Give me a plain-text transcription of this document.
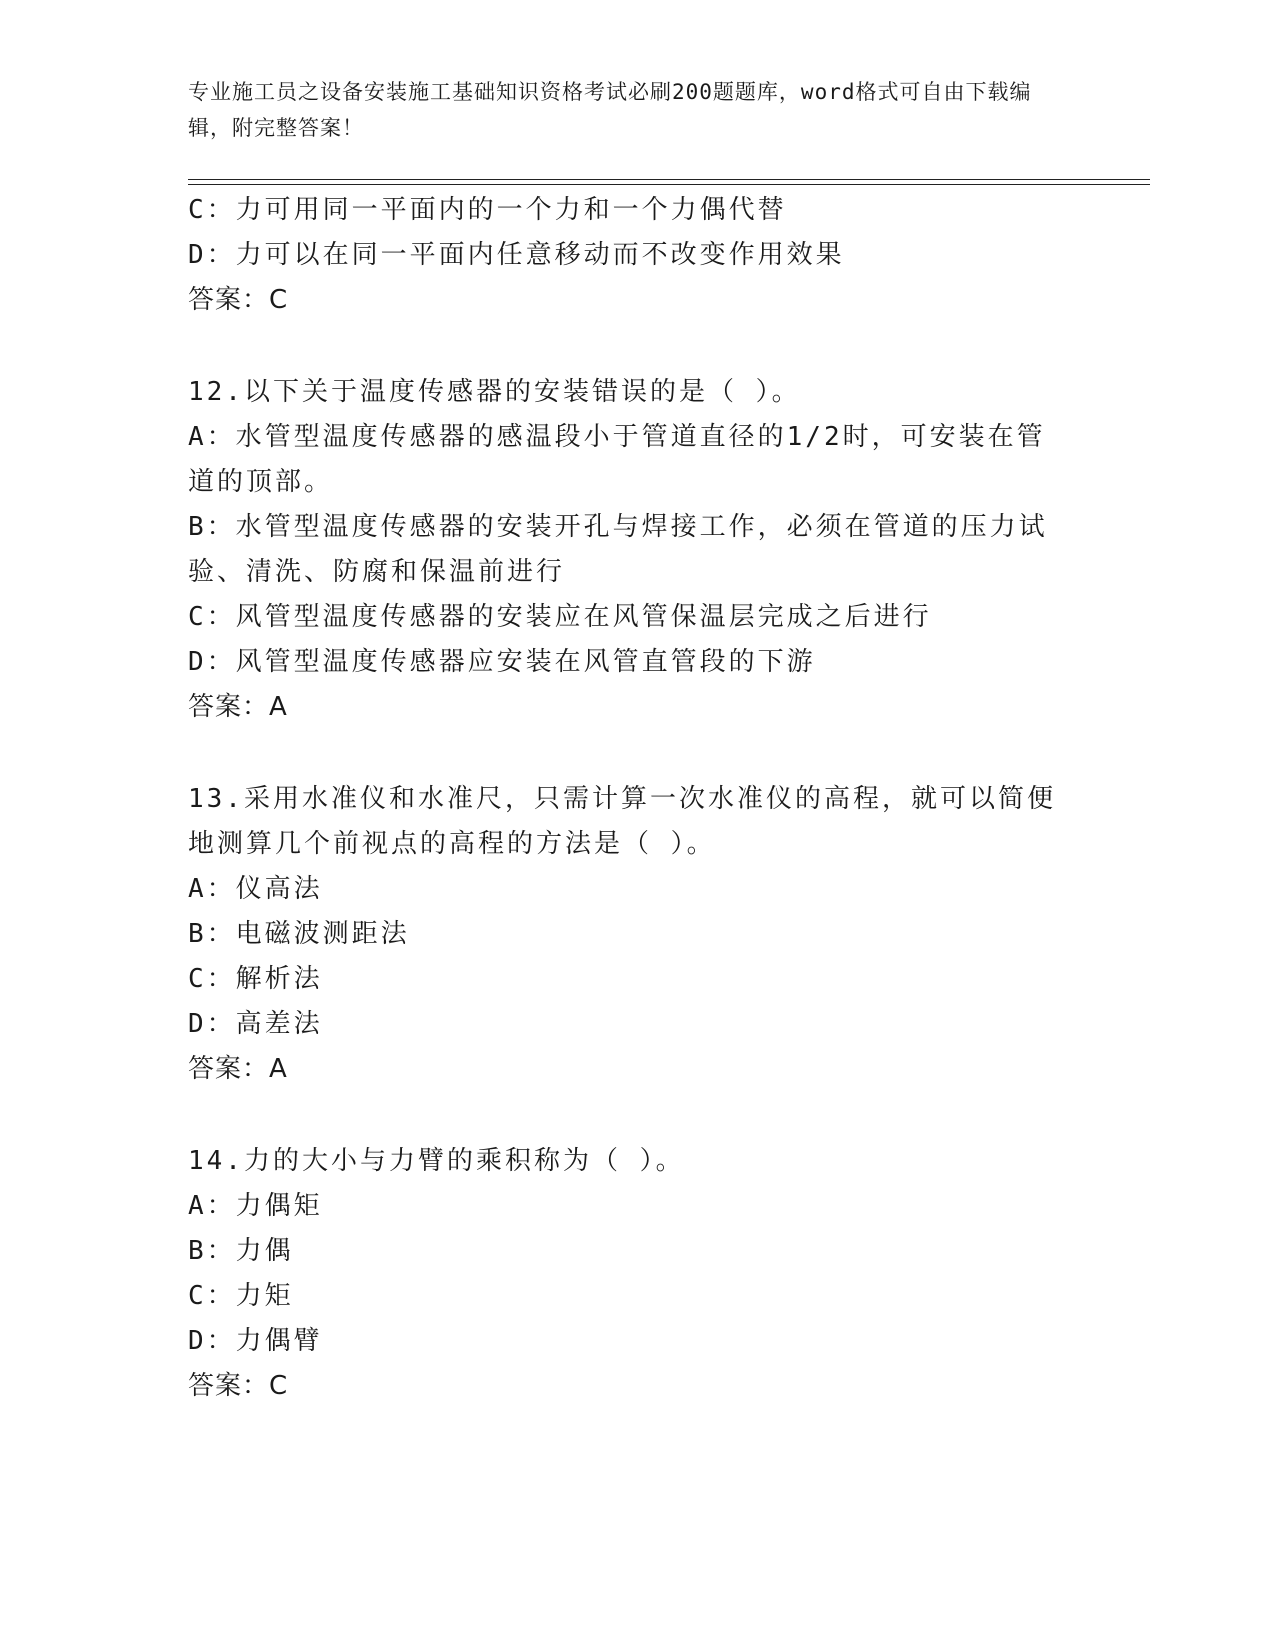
专业施工员之设备安装施工基础知识资格考试必刷200题题库，word格式可自由下载编辑，附完整答案！
C：力可用同一平面内的一个力和一个力偶代替
D：力可以在同一平面内任意移动而不改变作用效果
答案：C
12.以下关于温度传感器的安装错误的是（ ）。
A：水管型温度传感器的感温段小于管道直径的1/2时，可安装在管道的顶部。
B：水管型温度传感器的安装开孔与焊接工作，必须在管道的压力试验、清洗、防腐和保温前进行
C：风管型温度传感器的安装应在风管保温层完成之后进行
D：风管型温度传感器应安装在风管直管段的下游
答案：A
13.采用水准仪和水准尺，只需计算一次水准仪的高程，就可以简便地测算几个前视点的高程的方法是（ ）。
A：仪高法
B：电磁波测距法
C：解析法
D：高差法
答案：A
14.力的大小与力臂的乘积称为（ ）。
A：力偶矩
B：力偶
C：力矩
D：力偶臂
答案：C
